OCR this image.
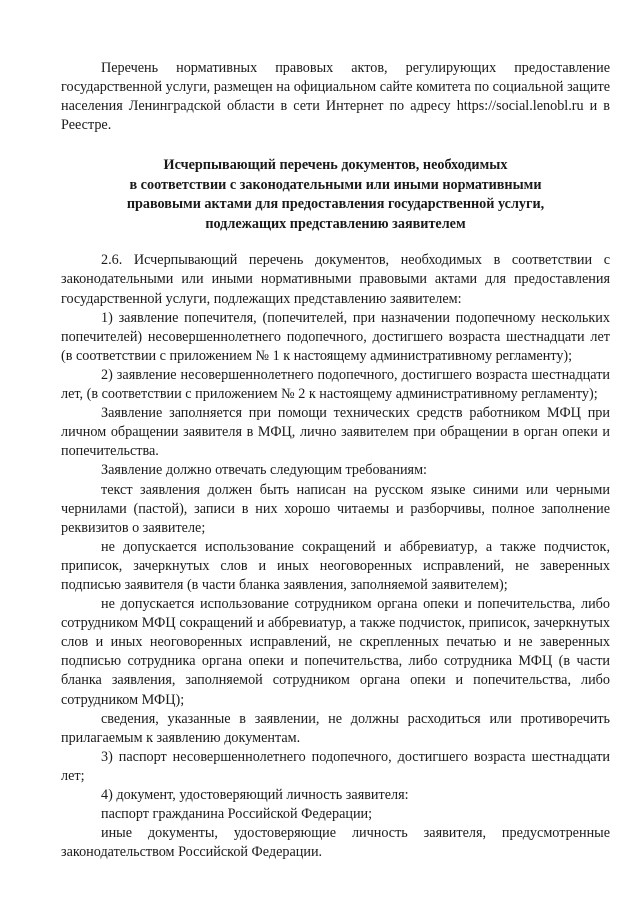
Перечень нормативных правовых актов, регулирующих предоставление государственной услуги, размещен на официальном сайте комитета по социальной защите населения Ленинградской области в сети Интернет по адресу https://social.lenobl.ru и в Реестре.

Исчерпывающий перечень документов, необходимых
в соответствии с законодательными или иными нормативными
правовыми актами для предоставления государственной услуги,
подлежащих представлению заявителем

2.6. Исчерпывающий перечень документов, необходимых в соответствии с законодательными или иными нормативными правовыми актами для предоставления государственной услуги, подлежащих представлению заявителем:

1) заявление попечителя, (попечителей, при назначении подопечному нескольких попечителей) несовершеннолетнего подопечного, достигшего возраста шестнадцати лет (в соответствии с приложением № 1 к настоящему административному регламенту);

2) заявление несовершеннолетнего подопечного, достигшего возраста шестнадцати лет, (в соответствии с приложением № 2 к настоящему административному регламенту);

Заявление заполняется при помощи технических средств работником МФЦ при личном обращении заявителя в МФЦ, лично заявителем при обращении в орган опеки и попечительства.

Заявление должно отвечать следующим требованиям:

текст заявления должен быть написан на русском языке синими или черными чернилами (пастой), записи в них хорошо читаемы и разборчивы, полное заполнение реквизитов о заявителе;

не допускается использование сокращений и аббревиатур, а также подчисток, приписок, зачеркнутых слов и иных неоговоренных исправлений, не заверенных подписью заявителя (в части бланка заявления, заполняемой заявителем);

не допускается использование сотрудником органа опеки и попечительства, либо сотрудником МФЦ сокращений и аббревиатур, а также подчисток, приписок, зачеркнутых слов и иных неоговоренных исправлений, не скрепленных печатью и не заверенных подписью сотрудника органа опеки и попечительства, либо сотрудника МФЦ (в части бланка заявления, заполняемой сотрудником органа опеки и попечительства, либо сотрудником МФЦ);

сведения, указанные в заявлении, не должны расходиться или противоречить прилагаемым к заявлению документам.

3) паспорт несовершеннолетнего подопечного, достигшего возраста шестнадцати лет;

4) документ, удостоверяющий личность заявителя:

паспорт гражданина Российской Федерации;

иные документы, удостоверяющие личность заявителя, предусмотренные законодательством Российской Федерации.
